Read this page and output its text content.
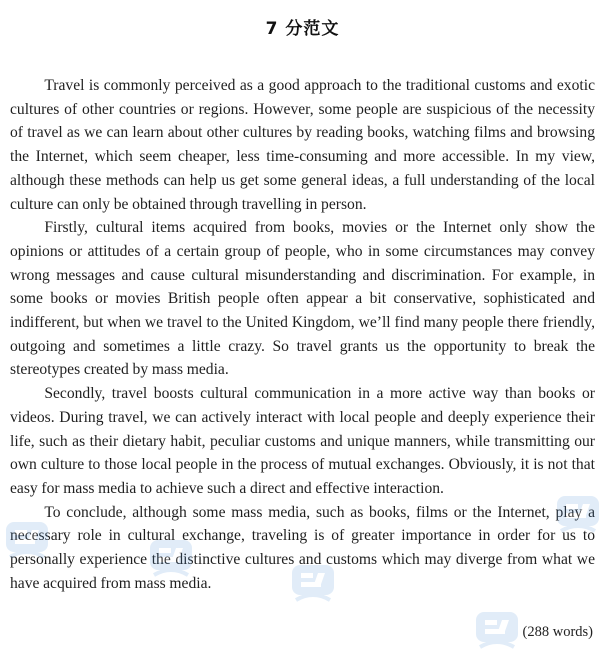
7 分范文

Travel is commonly perceived as a good approach to the traditional customs and exotic cultures of other countries or regions. However, some people are suspicious of the necessity of travel as we can learn about other cultures by reading books, watching films and browsing the Internet, which seem cheaper, less time-consuming and more accessible. In my view, although these methods can help us get some general ideas, a full understanding of the local culture can only be obtained through travelling in person.

Firstly, cultural items acquired from books, movies or the Internet only show the opinions or attitudes of a certain group of people, who in some circumstances may convey wrong messages and cause cultural misunderstanding and discrimination. For example, in some books or movies British people often appear a bit conservative, sophisticated and indifferent, but when we travel to the United Kingdom, we’ll find many people there friendly, outgoing and sometimes a little crazy. So travel grants us the opportunity to break the stereotypes created by mass media.

Secondly, travel boosts cultural communication in a more active way than books or videos. During travel, we can actively interact with local people and deeply experience their life, such as their dietary habit, peculiar customs and unique manners, while transmitting our own culture to those local people in the process of mutual exchanges. Obviously, it is not that easy for mass media to achieve such a direct and effective interaction.

To conclude, although some mass media, such as books, films or the Internet, play a necessary role in cultural exchange, traveling is of greater importance in order for us to personally experience the distinctive cultures and customs which may diverge from what we have acquired from mass media.

(288 words)
